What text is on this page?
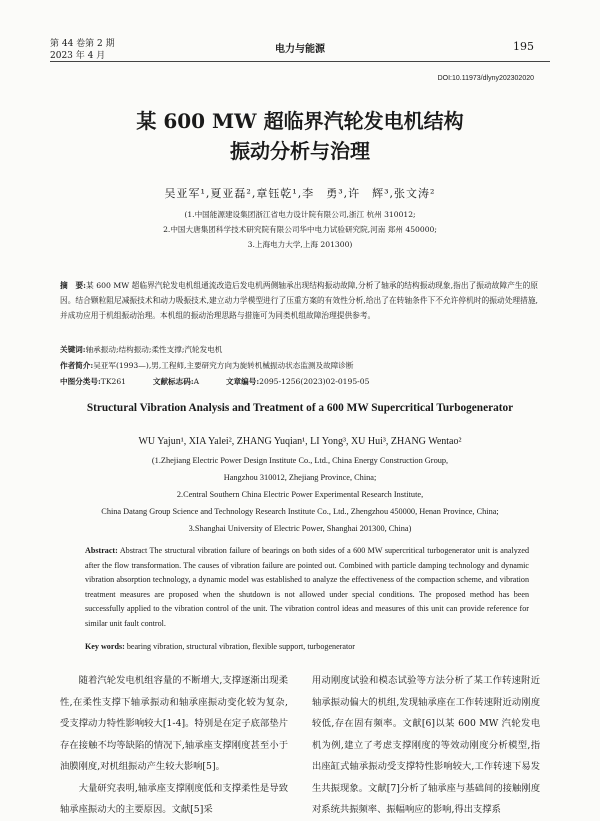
第 44 卷第 2 期
2023 年 4 月
电力与能源	195
DOI:10.11973/dlyny202302020
某 600 MW 超临界汽轮发电机结构
振动分析与治理
吴亚军¹,夏亚磊²,章钰乾¹,李　勇³,许　辉³,张文涛²
(1.中国能源建设集团浙江省电力设计院有限公司,浙江 杭州 310012;
2.中国大唐集团科学技术研究院有限公司华中电力试验研究院,河南 郑州 450000;
3.上海电力大学,上海 201300)
摘　要:某 600 MW 超临界汽轮发电机组通流改造后发电机两侧轴承出现结构振动故障,分析了轴承的结构振动现象,指出了振动故障产生的原因。结合颗粒阻尼减振技术和动力吸振技术,建立动力学模型进行了压重方案的有效性分析,给出了在转轴条件下不允许停机时的振动处理措施,并成功应用于机组振动治理。本机组的振动治理思路与措施可为同类机组故障治理提供参考。
关键词:轴承振动;结构振动;柔性支撑;汽轮发电机
作者简介:吴亚军(1993—),男,工程师,主要研究方向为旋转机械振动状态监测及故障诊断
中图分类号:TK261	文献标志码:A	文章编号:2095-1256(2023)02-0195-05
Structural Vibration Analysis and Treatment of a 600 MW Supercritical Turbogenerator
WU Yajun¹, XIA Yalei², ZHANG Yuqian¹, LI Yong³, XU Hui³, ZHANG Wentao²
(1.Zhejiang Electric Power Design Institute Co., Ltd., China Energy Construction Group,
Hangzhou 310012, Zhejiang Province, China;
2.Central Southern China Electric Power Experimental Research Institute,
China Datang Group Science and Technology Research Institute Co., Ltd., Zhengzhou 450000, Henan Province, China;
3.Shanghai University of Electric Power, Shanghai 201300, China)
Abstract: Abstract The structural vibration failure of bearings on both sides of a 600 MW supercritical turbogenerator unit is analyzed after the flow transformation. The causes of vibration failure are pointed out. Combined with particle damping technology and dynamic vibration absorption technology, a dynamic model was established to analyze the effectiveness of the compaction scheme, and vibration treatment measures are proposed when the shutdown is not allowed under special conditions. The proposed method has been successfully applied to the vibration control of the unit. The vibration control ideas and measures of this unit can provide reference for similar unit fault control.
Key words: bearing vibration, structural vibration, flexible support, turbogenerator

随着汽轮发电机组容量的不断增大,支撑逐渐出现柔性,在柔性支撑下轴承振动和轴承座振动变化较为复杂,受支撑动力特性影响较大[1-4]。特别是在定子底部垫片存在接触不均等缺陷的情况下,轴承座支撑刚度甚至小于油膜刚度,对机组振动产生较大影响[5]。

大量研究表明,轴承座支撑刚度低和支撑柔性是导致轴承座振动大的主要原因。文献[5]采

用动刚度试验和模态试验等方法分析了某工作转速附近轴承振动偏大的机组,发现轴承座在工作转速附近动刚度较低,存在固有频率。文献[6]以某 600 MW 汽轮发电机为例,建立了考虑支撑刚度的等效动刚度分析模型,指出座缸式轴承振动受支撑特性影响较大,工作转速下易发生共振现象。文献[7]分析了轴承座与基础间的接触刚度对系统共振频率、振幅响应的影响,得出支撑系
